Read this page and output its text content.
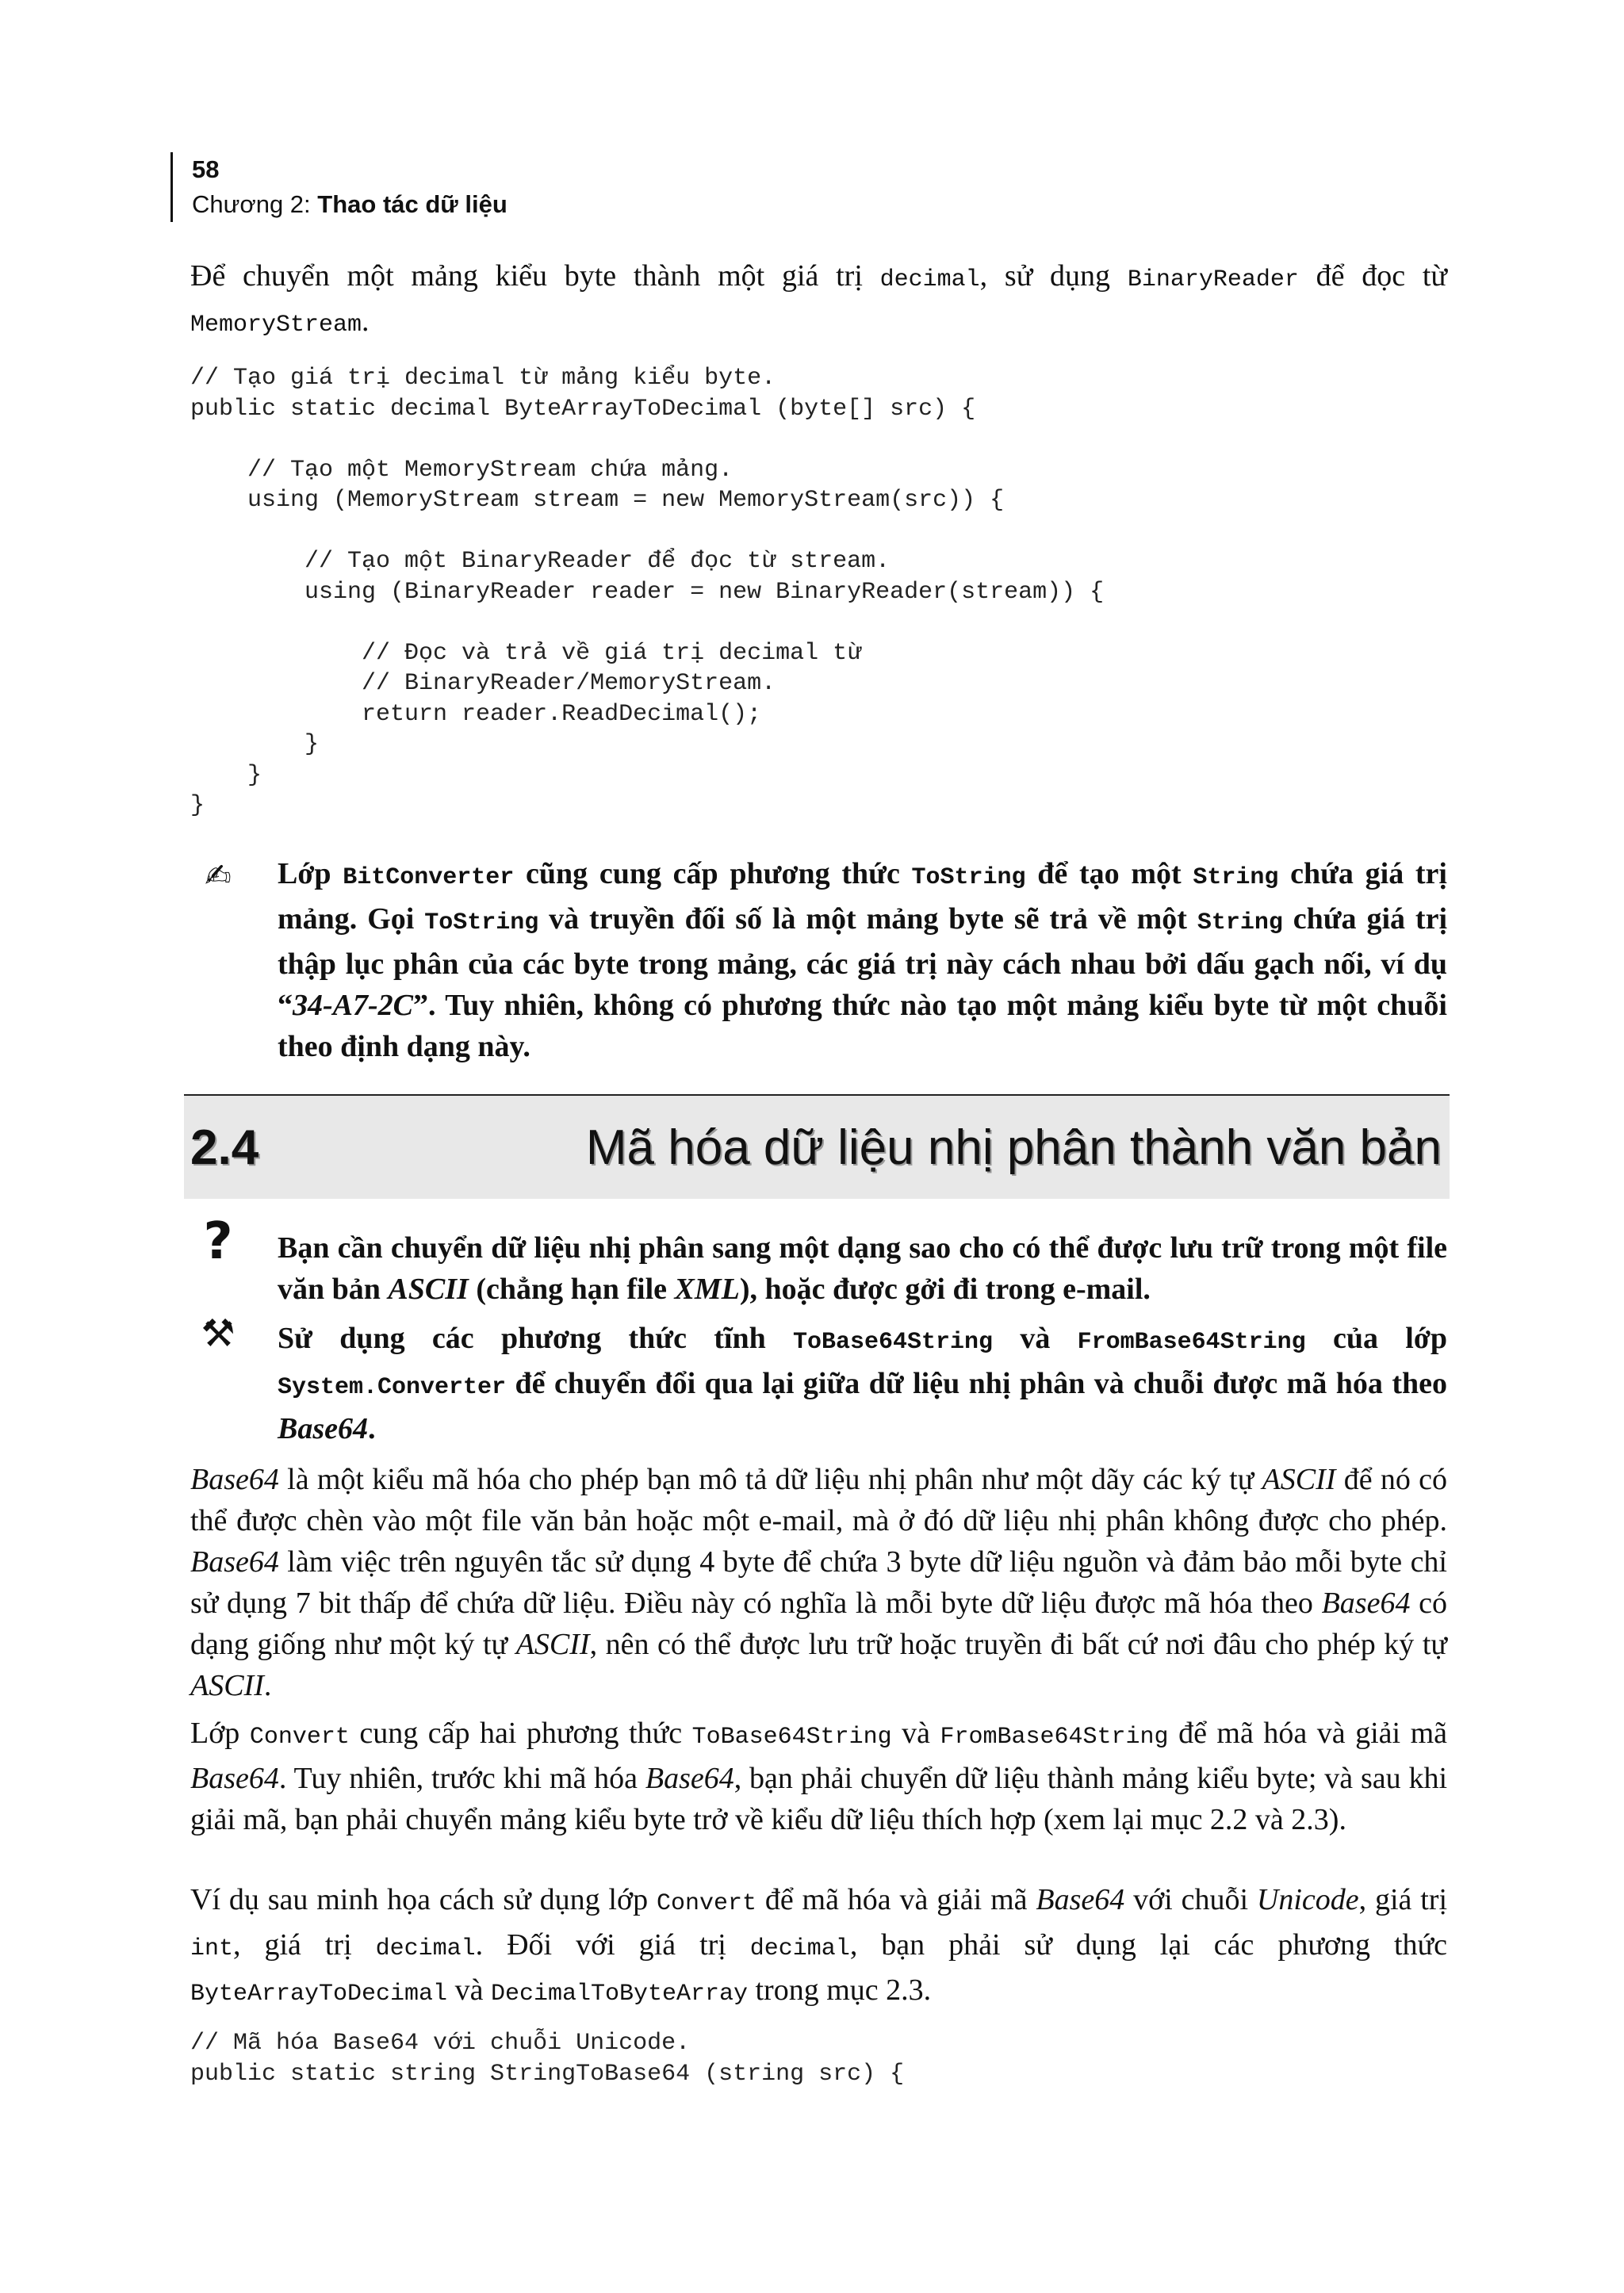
58
Chương 2: Thao tác dữ liệu

Để chuyển một mảng kiểu byte thành một giá trị decimal, sử dụng BinaryReader để đọc từ MemoryStream.

// Tạo giá trị decimal từ mảng kiểu byte.
public static decimal ByteArrayToDecimal (byte[] src) {

// Tạo một MemoryStream chứa mảng.
using (MemoryStream stream = new MemoryStream(src)) {

// Tạo một BinaryReader để đọc từ stream.
using (BinaryReader reader = new BinaryReader(stream)) {

// Đọc và trả về giá trị decimal từ
// BinaryReader/MemoryStream.
return reader.ReadDecimal();
}
}
}
✍	Lớp BitConverter cũng cung cấp phương thức ToString để tạo một String chứa giá trị mảng. Gọi ToString và truyền đối số là một mảng byte sẽ trả về một String chứa giá trị thập lục phân của các byte trong mảng, các giá trị này cách nhau bởi dấu gạch nối, ví dụ “34-A7-2C”. Tuy nhiên, không có phương thức nào tạo một mảng kiểu byte từ một chuỗi theo định dạng này.

2.4	Mã hóa dữ liệu nhị phân thành văn bản
?	Bạn cần chuyển dữ liệu nhị phân sang một dạng sao cho có thể được lưu trữ trong một file văn bản ASCII (chẳng hạn file XML), hoặc được gởi đi trong e-mail.

⚒	Sử dụng các phương thức tĩnh ToBase64String và FromBase64String của lớp System.Converter để chuyển đổi qua lại giữa dữ liệu nhị phân và chuỗi được mã hóa theo Base64.

Base64 là một kiểu mã hóa cho phép bạn mô tả dữ liệu nhị phân như một dãy các ký tự ASCII để nó có thể được chèn vào một file văn bản hoặc một e-mail, mà ở đó dữ liệu nhị phân không được cho phép. Base64 làm việc trên nguyên tắc sử dụng 4 byte để chứa 3 byte dữ liệu nguồn và đảm bảo mỗi byte chỉ sử dụng 7 bit thấp để chứa dữ liệu. Điều này có nghĩa là mỗi byte dữ liệu được mã hóa theo Base64 có dạng giống như một ký tự ASCII, nên có thể được lưu trữ hoặc truyền đi bất cứ nơi đâu cho phép ký tự ASCII.

Lớp Convert cung cấp hai phương thức ToBase64String và FromBase64String để mã hóa và giải mã Base64. Tuy nhiên, trước khi mã hóa Base64, bạn phải chuyển dữ liệu thành mảng kiểu byte; và sau khi giải mã, bạn phải chuyển mảng kiểu byte trở về kiểu dữ liệu thích hợp (xem lại mục 2.2 và 2.3).

Ví dụ sau minh họa cách sử dụng lớp Convert để mã hóa và giải mã Base64 với chuỗi Unicode, giá trị int, giá trị decimal. Đối với giá trị decimal, bạn phải sử dụng lại các phương thức ByteArrayToDecimal và DecimalToByteArray trong mục 2.3.

// Mã hóa Base64 với chuỗi Unicode.
public static string StringToBase64 (string src) {
